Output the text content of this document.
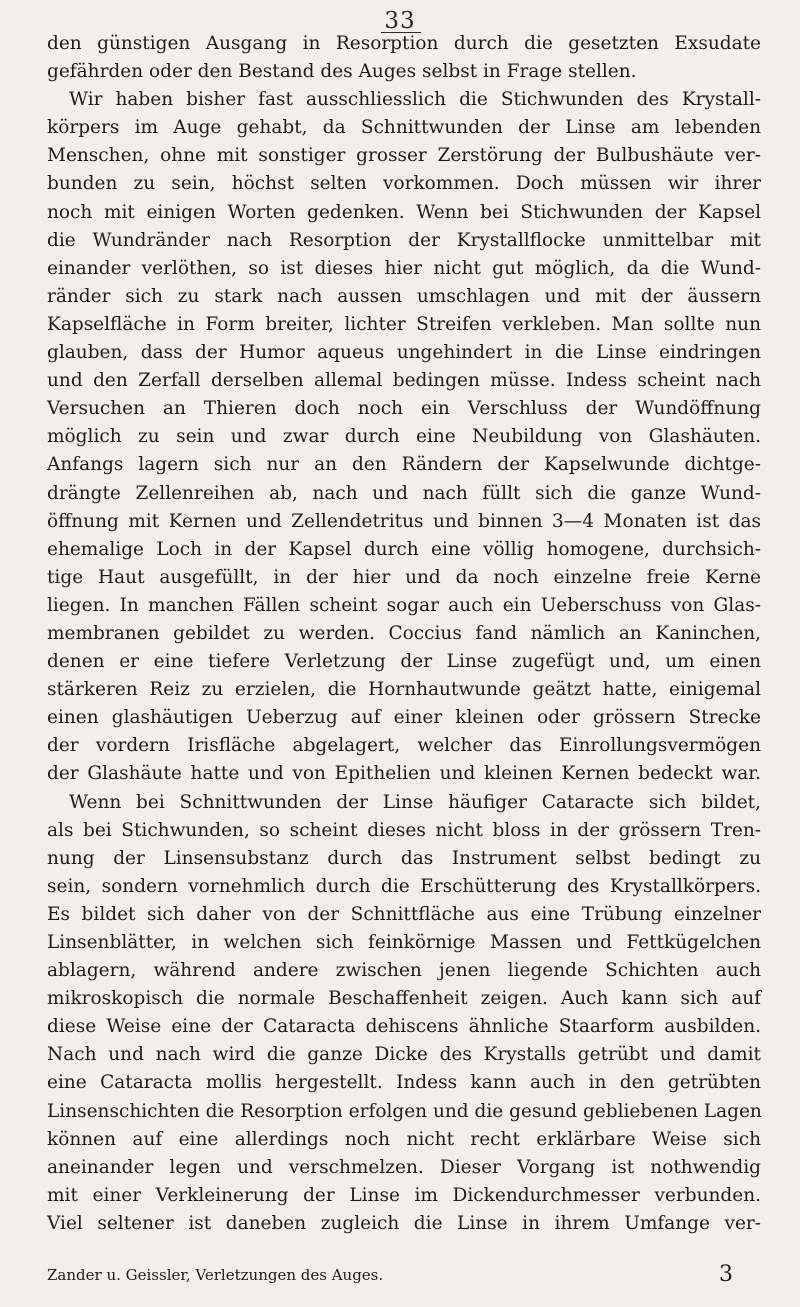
33
den günstigen Ausgang in Resorption durch die gesetzten Exsudate
gefährden oder den Bestand des Auges selbst in Frage stellen.
Wir haben bisher fast ausschliesslich die Stichwunden des Krystall-
körpers im Auge gehabt, da Schnittwunden der Linse am lebenden
Menschen, ohne mit sonstiger grosser Zerstörung der Bulbushäute ver-
bunden zu sein, höchst selten vorkommen. Doch müssen wir ihrer
noch mit einigen Worten gedenken. Wenn bei Stichwunden der Kapsel
die Wundränder nach Resorption der Krystallflocke unmittelbar mit
einander verlöthen, so ist dieses hier nicht gut möglich, da die Wund-
ränder sich zu stark nach aussen umschlagen und mit der äussern
Kapselfläche in Form breiter, lichter Streifen verkleben. Man sollte nun
glauben, dass der Humor aqueus ungehindert in die Linse eindringen
und den Zerfall derselben allemal bedingen müsse. Indess scheint nach
Versuchen an Thieren doch noch ein Verschluss der Wundöffnung
möglich zu sein und zwar durch eine Neubildung von Glashäuten.
Anfangs lagern sich nur an den Rändern der Kapselwunde dichtge-
drängte Zellenreihen ab, nach und nach füllt sich die ganze Wund-
öffnung mit Kernen und Zellendetritus und binnen 3—4 Monaten ist das
ehemalige Loch in der Kapsel durch eine völlig homogene, durchsich-
tige Haut ausgefüllt, in der hier und da noch einzelne freie Kerne
liegen. In manchen Fällen scheint sogar auch ein Ueberschuss von Glas-
membranen gebildet zu werden. Coccius fand nämlich an Kaninchen,
denen er eine tiefere Verletzung der Linse zugefügt und, um einen
stärkeren Reiz zu erzielen, die Hornhautwunde geätzt hatte, einigemal
einen glashäutigen Ueberzug auf einer kleinen oder grössern Strecke
der vordern Irisfläche abgelagert, welcher das Einrollungsvermögen
der Glashäute hatte und von Epithelien und kleinen Kernen bedeckt war.
Wenn bei Schnittwunden der Linse häufiger Cataracte sich bildet,
als bei Stichwunden, so scheint dieses nicht bloss in der grössern Tren-
nung der Linsensubstanz durch das Instrument selbst bedingt zu
sein, sondern vornehmlich durch die Erschütterung des Krystallkörpers.
Es bildet sich daher von der Schnittfläche aus eine Trübung einzelner
Linsenblätter, in welchen sich feinkörnige Massen und Fettkügelchen
ablagern, während andere zwischen jenen liegende Schichten auch
mikroskopisch die normale Beschaffenheit zeigen. Auch kann sich auf
diese Weise eine der Cataracta dehiscens ähnliche Staarform ausbilden.
Nach und nach wird die ganze Dicke des Krystalls getrübt und damit
eine Cataracta mollis hergestellt. Indess kann auch in den getrübten
Linsenschichten die Resorption erfolgen und die gesund gebliebenen Lagen
können auf eine allerdings noch nicht recht erklärbare Weise sich
aneinander legen und verschmelzen. Dieser Vorgang ist nothwendig
mit einer Verkleinerung der Linse im Dickendurchmesser verbunden.
Viel seltener ist daneben zugleich die Linse in ihrem Umfange ver-
Zander u. Geissler, Verletzungen des Auges.	3
